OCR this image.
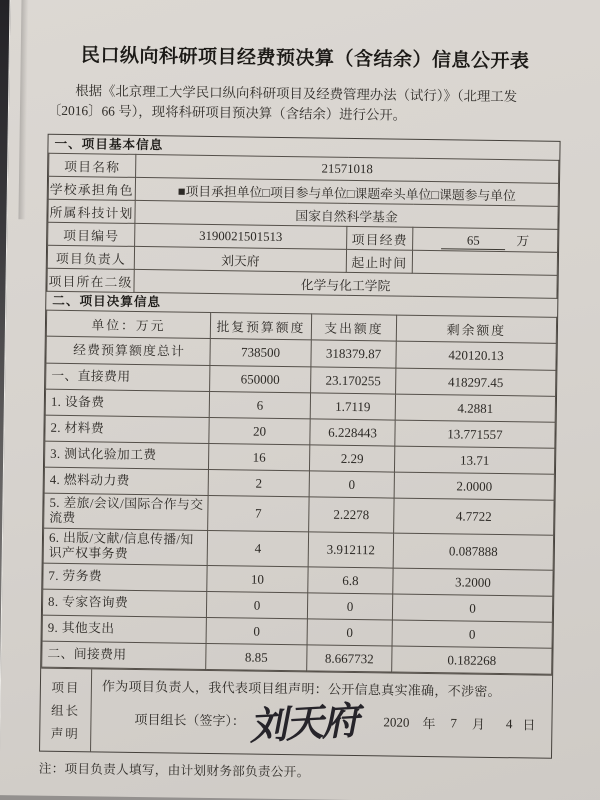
民口纵向科研项目经费预决算（含结余）信息公开表

根据《北京理工大学民口纵向科研项目及经费管理办法（试行）》（北理工发
〔2016〕66 号），现将科研项目预决算（含结余）进行公开。

一、项目基本信息
项目名称	21571018		
学校承担角色	■项目承担单位□项目参与单位□课题牵头单位□课题参与单位		
所属科技计划	国家自然科学基金		
项目编号	3190021501513	项目经费	65 万
项目负责人	刘天府	起止时间	
项目所在二级	化学与化工学院		
二、项目决算信息
单位：万元	批复预算额度	支出额度	剩余额度
经费预算额度总计	738500	318379.87	420120.13
一、直接费用	650000	23.170255	418297.45
1. 设备费	6	1.7119	4.2881
2. 材料费	20	6.228443	13.771557
3. 测试化验加工费	16	2.29	13.71
4. 燃料动力费	2	0	2.0000
5. 差旅/会议/国际合作与交流费	7	2.2278	4.7722
6. 出版/文献/信息传播/知识产权事务费	4	3.912112	0.087888
7. 劳务费	10	6.8	3.2000
8. 专家咨询费	0	0	0
9. 其他支出	0	0	0
二、间接费用	8.85	8.667732	0.182268
项目
组长
声明

作为项目负责人，我代表项目组声明：公开信息真实准确，不涉密。

项目组长（签字）： 刘天府 2020 年 7 月 4 日

注：项目负责人填写，由计划财务部负责公开。
